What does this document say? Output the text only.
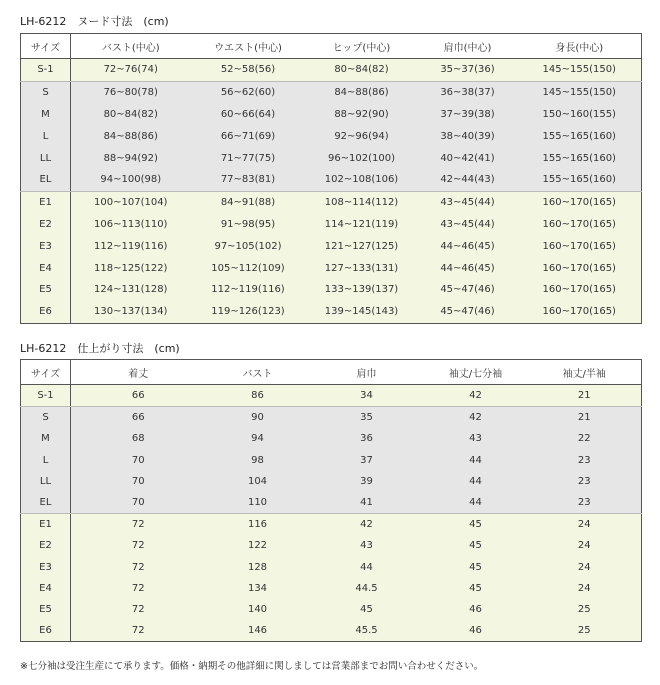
LH-6212　ヌード寸法　(cm)
サイズ	バスト(中心)	ウエスト(中心)	ヒップ(中心)	肩巾(中心)	身長(中心)
S-1	72~76(74)	52~58(56)	80~84(82)	35~37(36)	145~155(150)
S	76~80(78)	56~62(60)	84~88(86)	36~38(37)	145~155(150)
M	80~84(82)	60~66(64)	88~92(90)	37~39(38)	150~160(155)
L	84~88(86)	66~71(69)	92~96(94)	38~40(39)	155~165(160)
LL	88~94(92)	71~77(75)	96~102(100)	40~42(41)	155~165(160)
EL	94~100(98)	77~83(81)	102~108(106)	42~44(43)	155~165(160)
E1	100~107(104)	84~91(88)	108~114(112)	43~45(44)	160~170(165)
E2	106~113(110)	91~98(95)	114~121(119)	43~45(44)	160~170(165)
E3	112~119(116)	97~105(102)	121~127(125)	44~46(45)	160~170(165)
E4	118~125(122)	105~112(109)	127~133(131)	44~46(45)	160~170(165)
E5	124~131(128)	112~119(116)	133~139(137)	45~47(46)	160~170(165)
E6	130~137(134)	119~126(123)	139~145(143)	45~47(46)	160~170(165)
LH-6212　仕上がり寸法　(cm)
サイズ	着丈	バスト	肩巾	袖丈/七分袖	袖丈/半袖
S-1	66	86	34	42	21
S	66	90	35	42	21
M	68	94	36	43	22
L	70	98	37	44	23
LL	70	104	39	44	23
EL	70	110	41	44	23
E1	72	116	42	45	24
E2	72	122	43	45	24
E3	72	128	44	45	24
E4	72	134	44.5	45	24
E5	72	140	45	46	25
E6	72	146	45.5	46	25
※七分袖は受注生産にて承ります。価格・納期その他詳細に関しましては営業部までお問い合わせください。
